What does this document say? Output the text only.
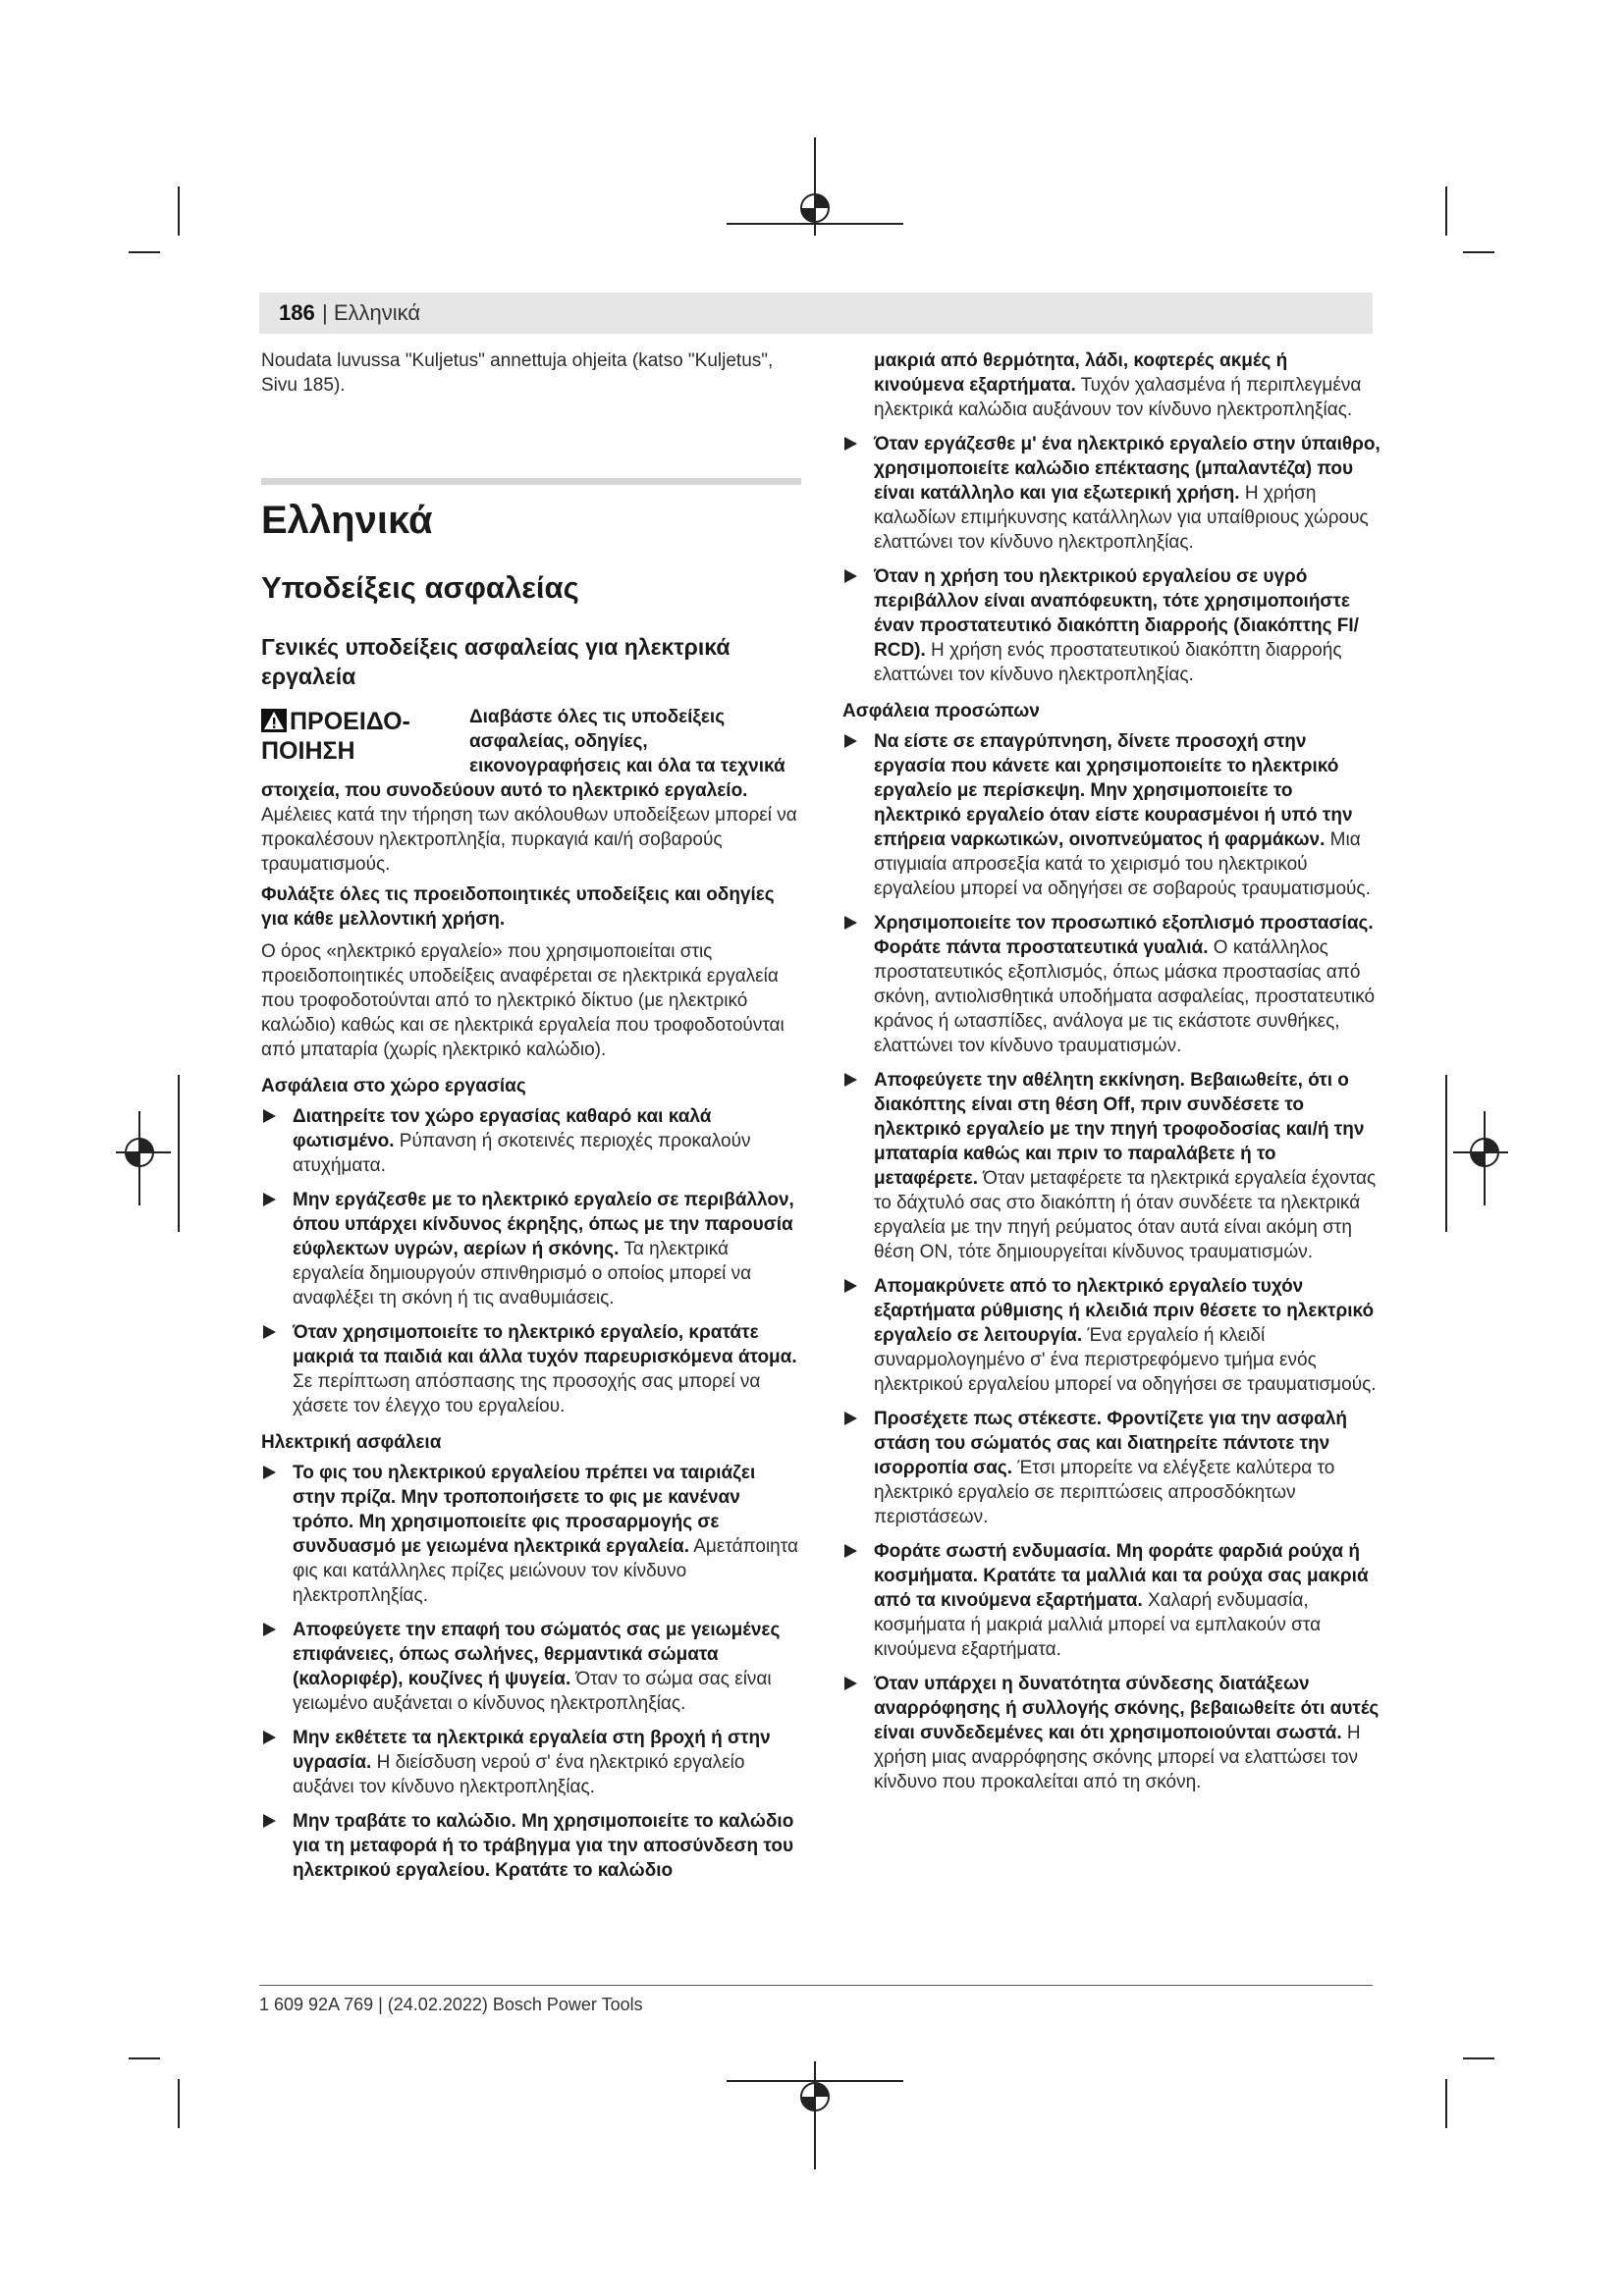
186 | Ελληνικά

Noudata luvussa "Kuljetus" annettuja ohjeita (katso "Kuljetus", Sivu 185).

Ελληνικά
Υποδείξεις ασφαλείας
Γενικές υποδείξεις ασφαλείας για ηλεκτρικά εργαλεία
ΠΡΟΕΙΔΟ-
ΠΟΙΗΣΗ

Διαβάστε όλες τις υποδείξεις ασφαλείας, οδηγίες, εικονογραφήσεις και όλα τα τεχνικά στοιχεία, που συνοδεύουν αυτό το ηλεκτρικό εργαλείο. Αμέλειες κατά την τήρηση των ακόλουθων υποδείξεων μπορεί να προκαλέσουν ηλεκτροπληξία, πυρκαγιά και/ή σοβαρούς τραυματισμούς.

Φυλάξτε όλες τις προειδοποιητικές υποδείξεις και οδηγίες για κάθε μελλοντική χρήση.

Ο όρος «ηλεκτρικό εργαλείο» που χρησιμοποιείται στις προειδοποιητικές υποδείξεις αναφέρεται σε ηλεκτρικά εργαλεία που τροφοδοτούνται από το ηλεκτρικό δίκτυο (με ηλεκτρικό καλώδιο) καθώς και σε ηλεκτρικά εργαλεία που τροφοδοτούνται από μπαταρία (χωρίς ηλεκτρικό καλώδιο).

Ασφάλεια στο χώρο εργασίας
Διατηρείτε τον χώρο εργασίας καθαρό και καλά φωτισμένο. Ρύπανση ή σκοτεινές περιοχές προκαλούν ατυχήματα.
Μην εργάζεσθε με το ηλεκτρικό εργαλείο σε περιβάλλον, όπου υπάρχει κίνδυνος έκρηξης, όπως με την παρουσία εύφλεκτων υγρών, αερίων ή σκόνης. Τα ηλεκτρικά εργαλεία δημιουργούν σπινθηρισμό ο οποίος μπορεί να αναφλέξει τη σκόνη ή τις αναθυμιάσεις.
Όταν χρησιμοποιείτε το ηλεκτρικό εργαλείο, κρατάτε μακριά τα παιδιά και άλλα τυχόν παρευρισκόμενα άτομα. Σε περίπτωση απόσπασης της προσοχής σας μπορεί να χάσετε τον έλεγχο του εργαλείου.
Ηλεκτρική ασφάλεια
Το φις του ηλεκτρικού εργαλείου πρέπει να ταιριάζει στην πρίζα. Μην τροποποιήσετε το φις με κανέναν τρόπο. Μη χρησιμοποιείτε φις προσαρμογής σε συνδυασμό με γειωμένα ηλεκτρικά εργαλεία. Αμετάποιητα φις και κατάλληλες πρίζες μειώνουν τον κίνδυνο ηλεκτροπληξίας.
Αποφεύγετε την επαφή του σώματός σας με γειωμένες επιφάνειες, όπως σωλήνες, θερμαντικά σώματα (καλοριφέρ), κουζίνες ή ψυγεία. Όταν το σώμα σας είναι γειωμένο αυξάνεται ο κίνδυνος ηλεκτροπληξίας.
Μην εκθέτετε τα ηλεκτρικά εργαλεία στη βροχή ή στην υγρασία. Η διείσδυση νερού σ' ένα ηλεκτρικό εργαλείο αυξάνει τον κίνδυνο ηλεκτροπληξίας.
Μην τραβάτε το καλώδιο. Μη χρησιμοποιείτε το καλώδιο για τη μεταφορά ή το τράβηγμα για την αποσύνδεση του ηλεκτρικού εργαλείου. Κρατάτε το καλώδιο

μακριά από θερμότητα, λάδι, κοφτερές ακμές ή κινούμενα εξαρτήματα. Τυχόν χαλασμένα ή περιπλεγμένα ηλεκτρικά καλώδια αυξάνουν τον κίνδυνο ηλεκτροπληξίας.

Όταν εργάζεσθε μ' ένα ηλεκτρικό εργαλείο στην ύπαιθρο, χρησιμοποιείτε καλώδιο επέκτασης (μπαλαντέζα) που είναι κατάλληλο και για εξωτερική χρήση. Η χρήση καλωδίων επιμήκυνσης κατάλληλων για υπαίθριους χώρους ελαττώνει τον κίνδυνο ηλεκτροπληξίας.
Όταν η χρήση του ηλεκτρικού εργαλείου σε υγρό περιβάλλον είναι αναπόφευκτη, τότε χρησιμοποιήστε έναν προστατευτικό διακόπτη διαρροής (διακόπτης FI/ RCD). Η χρήση ενός προστατευτικού διακόπτη διαρροής ελαττώνει τον κίνδυνο ηλεκτροπληξίας.
Ασφάλεια προσώπων
Να είστε σε επαγρύπνηση, δίνετε προσοχή στην εργασία που κάνετε και χρησιμοποιείτε το ηλεκτρικό εργαλείο με περίσκεψη. Μην χρησιμοποιείτε το ηλεκτρικό εργαλείο όταν είστε κουρασμένοι ή υπό την επήρεια ναρκωτικών, οινοπνεύματος ή φαρμάκων. Μια στιγμιαία απροσεξία κατά το χειρισμό του ηλεκτρικού εργαλείου μπορεί να οδηγήσει σε σοβαρούς τραυματισμούς.
Χρησιμοποιείτε τον προσωπικό εξοπλισμό προστασίας. Φοράτε πάντα προστατευτικά γυαλιά. Ο κατάλληλος προστατευτικός εξοπλισμός, όπως μάσκα προστασίας από σκόνη, αντιολισθητικά υποδήματα ασφαλείας, προστατευτικό κράνος ή ωτασπίδες, ανάλογα με τις εκάστοτε συνθήκες, ελαττώνει τον κίνδυνο τραυματισμών.
Αποφεύγετε την αθέλητη εκκίνηση. Βεβαιωθείτε, ότι ο διακόπτης είναι στη θέση Off, πριν συνδέσετε το ηλεκτρικό εργαλείο με την πηγή τροφοδοσίας και/ή την μπαταρία καθώς και πριν το παραλάβετε ή το μεταφέρετε. Όταν μεταφέρετε τα ηλεκτρικά εργαλεία έχοντας το δάχτυλό σας στο διακόπτη ή όταν συνδέετε τα ηλεκτρικά εργαλεία με την πηγή ρεύματος όταν αυτά είναι ακόμη στη θέση ON, τότε δημιουργείται κίνδυνος τραυματισμών.
Απομακρύνετε από το ηλεκτρικό εργαλείο τυχόν εξαρτήματα ρύθμισης ή κλειδιά πριν θέσετε το ηλεκτρικό εργαλείο σε λειτουργία. Ένα εργαλείο ή κλειδί συναρμολογημένο σ' ένα περιστρεφόμενο τμήμα ενός ηλεκτρικού εργαλείου μπορεί να οδηγήσει σε τραυματισμούς.
Προσέχετε πως στέκεστε. Φροντίζετε για την ασφαλή στάση του σώματός σας και διατηρείτε πάντοτε την ισορροπία σας. Έτσι μπορείτε να ελέγξετε καλύτερα το ηλεκτρικό εργαλείο σε περιπτώσεις απροσδόκητων περιστάσεων.
Φοράτε σωστή ενδυμασία. Μη φοράτε φαρδιά ρούχα ή κοσμήματα. Κρατάτε τα μαλλιά και τα ρούχα σας μακριά από τα κινούμενα εξαρτήματα. Χαλαρή ενδυμασία, κοσμήματα ή μακριά μαλλιά μπορεί να εμπλακούν στα κινούμενα εξαρτήματα.
Όταν υπάρχει η δυνατότητα σύνδεσης διατάξεων αναρρόφησης ή συλλογής σκόνης, βεβαιωθείτε ότι αυτές είναι συνδεδεμένες και ότι χρησιμοποιούνται σωστά. Η χρήση μιας αναρρόφησης σκόνης μπορεί να ελαττώσει τον κίνδυνο που προκαλείται από τη σκόνη.
1 609 92A 769 | (24.02.2022) Bosch Power Tools
